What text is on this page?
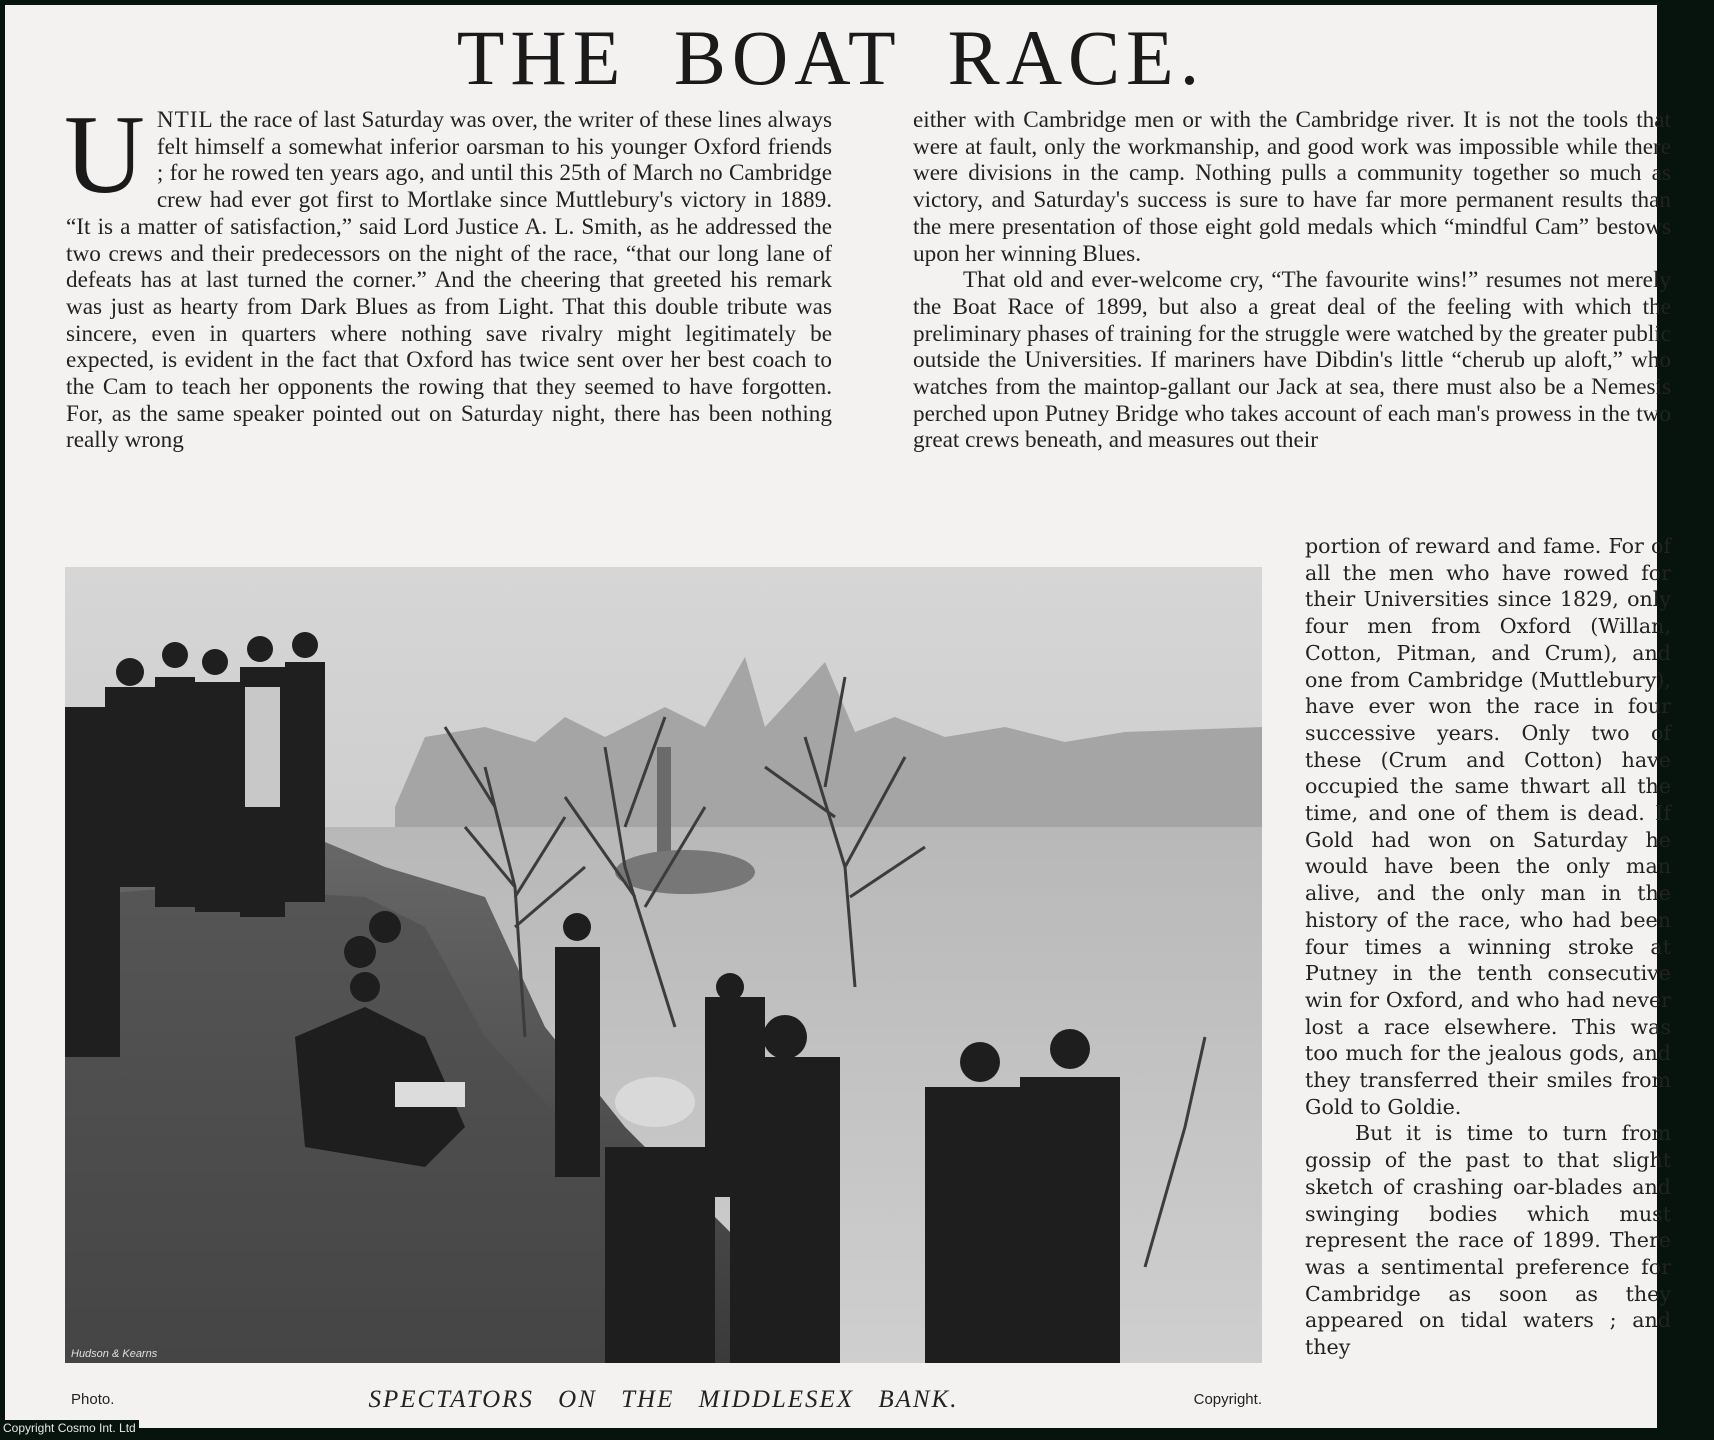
THE BOAT RACE.

UNTIL the race of last Saturday was over, the writer of these lines always felt himself a somewhat inferior oarsman to his younger Oxford friends ; for he rowed ten years ago, and until this 25th of March no Cambridge crew had ever got first to Mortlake since Muttlebury's victory in 1889. “It is a matter of satisfaction,” said Lord Justice A. L. Smith, as he addressed the two crews and their predecessors on the night of the race, “that our long lane of defeats has at last turned the corner.” And the cheering that greeted his remark was just as hearty from Dark Blues as from Light. That this double tribute was sincere, even in quarters where nothing save rivalry might legitimately be expected, is evident in the fact that Oxford has twice sent over her best coach to the Cam to teach her opponents the rowing that they seemed to have forgotten. For, as the same speaker pointed out on Saturday night, there has been nothing really wrong

either with Cambridge men or with the Cambridge river. It is not the tools that were at fault, only the workmanship, and good work was impossible while there were divisions in the camp. Nothing pulls a community together so much as victory, and Saturday's success is sure to have far more permanent results than the mere presentation of those eight gold medals which “mindful Cam” bestows upon her winning Blues.

That old and ever-welcome cry, “The favourite wins!” resumes not merely the Boat Race of 1899, but also a great deal of the feeling with which the preliminary phases of training for the struggle were watched by the greater public outside the Universities. If mariners have Dibdin's little “cherub up aloft,” who watches from the maintop-gallant our Jack at sea, there must also be a Nemesis perched upon Putney Bridge who takes account of each man's prowess in the two great crews beneath, and measures out their

portion of reward and fame. For of all the men who have rowed for their Universities since 1829, only four men from Oxford (Willan, Cotton, Pitman, and Crum), and one from Cambridge (Muttlebury), have ever won the race in four successive years. Only two of these (Crum and Cotton) have occupied the same thwart all the time, and one of them is dead. If Gold had won on Saturday he would have been the only man alive, and the only man in the history of the race, who had been four times a winning stroke at Putney in the tenth consecutive win for Oxford, and who had never lost a race elsewhere. This was too much for the jealous gods, and they transferred their smiles from Gold to Goldie.

But it is time to turn from gossip of the past to that slight sketch of crashing oar-blades and swinging bodies which must represent the race of 1899. There was a sentimental preference for Cambridge as soon as they appeared on tidal waters ; and they

Hudson & Kearns
Photo.	SPECTATORS ON THE MIDDLESEX BANK.	Copyright.
Copyright Cosmo Int. Ltd
